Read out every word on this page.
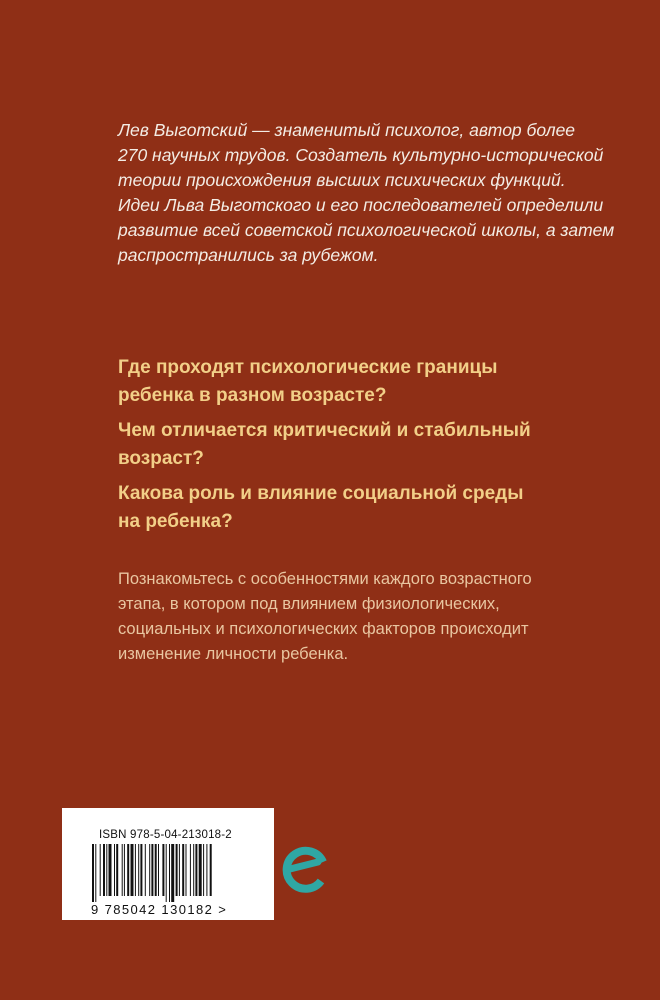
Лев Выготский — знаменитый психолог, автор более
270 научных трудов. Создатель культурно-исторической
теории происхождения высших психических функций.
Идеи Льва Выготского и его последователей определили
развитие всей советской психологической школы, а затем
распространились за рубежом.

Где проходят психологические границы
ребенка в разном возрасте?

Чем отличается критический и стабильный
возраст?

Какова роль и влияние социальной среды
на ребенка?

Познакомьтесь с особенностями каждого возрастного
этапа, в котором под влиянием физиологических,
социальных и психологических факторов происходит
изменение личности ребенка.

ISBN 978-5-04-213018-2
9 785042 130182 >
